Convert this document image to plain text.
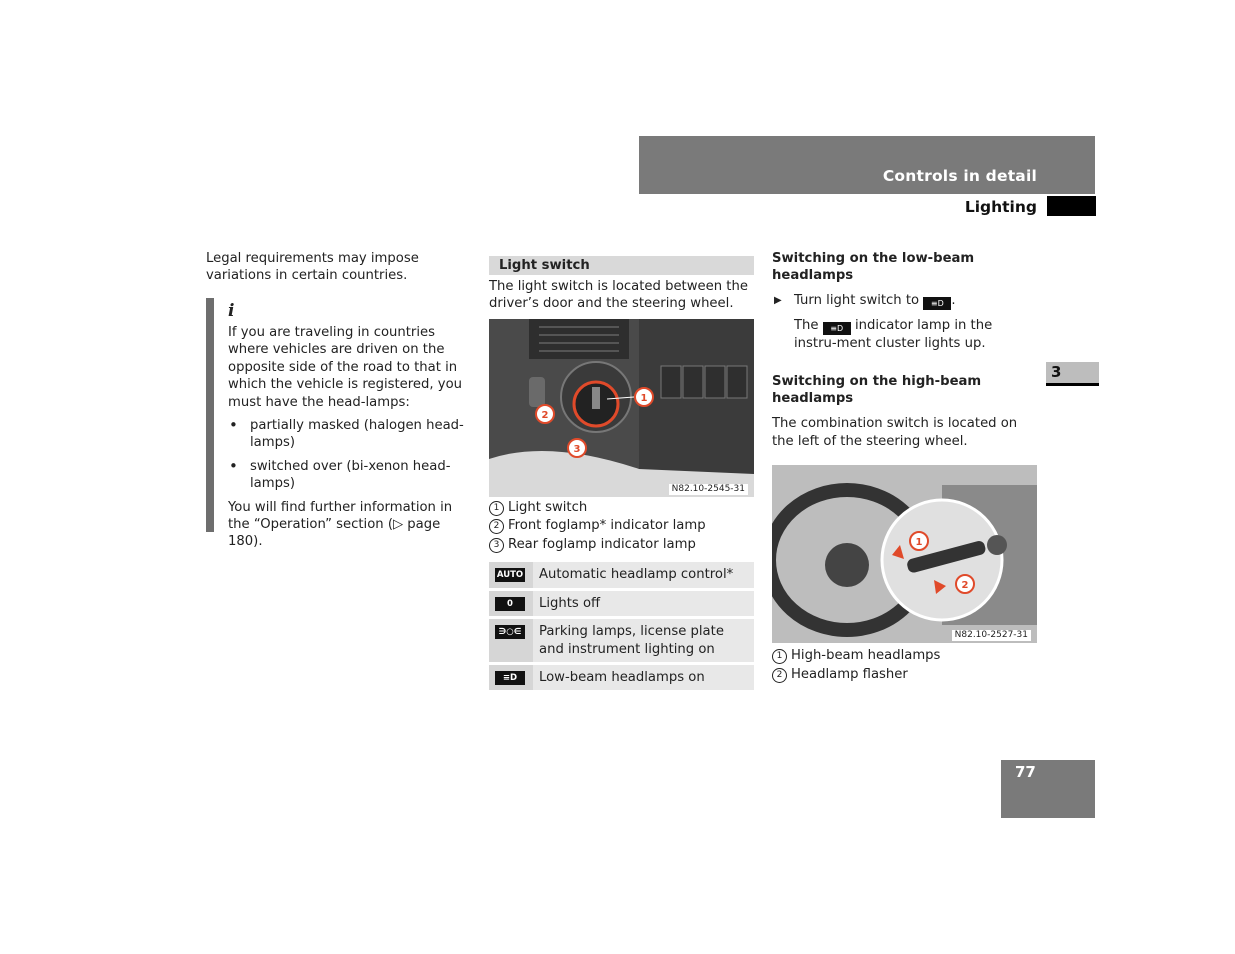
Controls in detail
Lighting
3
77

Legal requirements may impose variations in certain countries.

i

If you are traveling in countries where vehicles are driven on the opposite side of the road to that in which the vehicle is registered, you must have the head-lamps:

• partially masked (halogen head-lamps)
• switched over (bi-xenon head-lamps)

You will find further information in the “Operation” section (▷ page 180).

Light switch

The light switch is located between the driver’s door and the steering wheel.

1
2
3
N82.10-2545-31
1 Light switch
2 Front foglamp* indicator lamp
3 Rear foglamp indicator lamp
AUTO	Automatic headlamp control*
0	Lights off
∋○∈	Parking lamps, license plate and instrument lighting on
≡D	Low-beam headlamps on
Switching on the low-beam headlamps
▶ Turn light switch to ≡D .

The ≡D indicator lamp in the instru-ment cluster lights up.

Switching on the high-beam headlamps

The combination switch is located on the left of the steering wheel.

1
2
N82.10-2527-31
1 High-beam headlamps
2 Headlamp flasher
